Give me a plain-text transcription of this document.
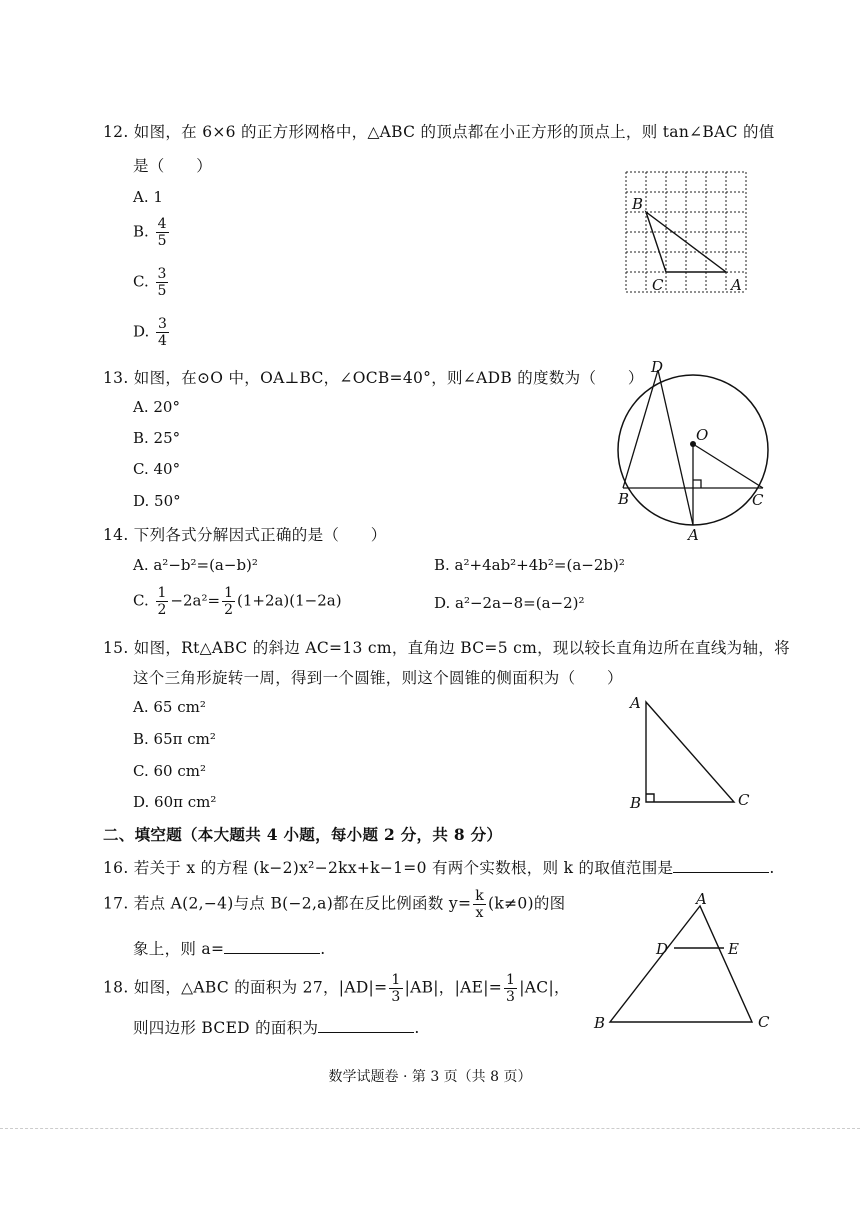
12. 如图，在 6×6 的正方形网格中，△ABC 的顶点都在小正方形的顶点上，则 tan∠BAC 的值
是（　　）
A. 1
B. $\frac{4}{5}$
C. $\frac{3}{5}$
D. $\frac{3}{4}$
B
C	A
13. 如图，在⊙O 中，OA⊥BC，∠OCB=40°，则∠ADB 的度数为（　　）
A. 20°
B. 25°
C. 40°
D. 50°
D
O
B	C
A
14. 下列各式分解因式正确的是（　　）
A. a²−b²=(a−b)²	B. a²+4ab²+4b²=(a−2b)²
C. $\frac{1}{2} -2a^2= \frac{1}{2} (1+2a)(1-2a)$	D. a²−2a−8=(a−2)²
15. 如图，Rt△ABC 的斜边 AC=13 cm，直角边 BC=5 cm，现以较长直角边所在直线为轴，将
这个三角形旋转一周，得到一个圆锥，则这个圆锥的侧面积为（　　）
A. 65 cm²
B. 65π cm²
C. 60 cm²
D. 60π cm²
A
B	C
二、填空题（本大题共 4 小题，每小题 2 分，共 8 分）
16. 若关于 x 的方程 (k−2)x²−2kx+k−1=0 有两个实数根，则 k 的取值范围是	.
17. 若点 A(2,−4)与点 B(−2,a)都在反比例函数 $y= \frac{k}{x} (k\ne 0)$的图
象上，则 a=	.
18. 如图，△ABC 的面积为 27，$|AD|= \frac{1}{3} |AB|$，$|AE|= \frac{1}{3} |AC|$，
则四边形 BCED 的面积为	.
A
D	E
B	C
数学试题卷 · 第 3 页（共 8 页）
